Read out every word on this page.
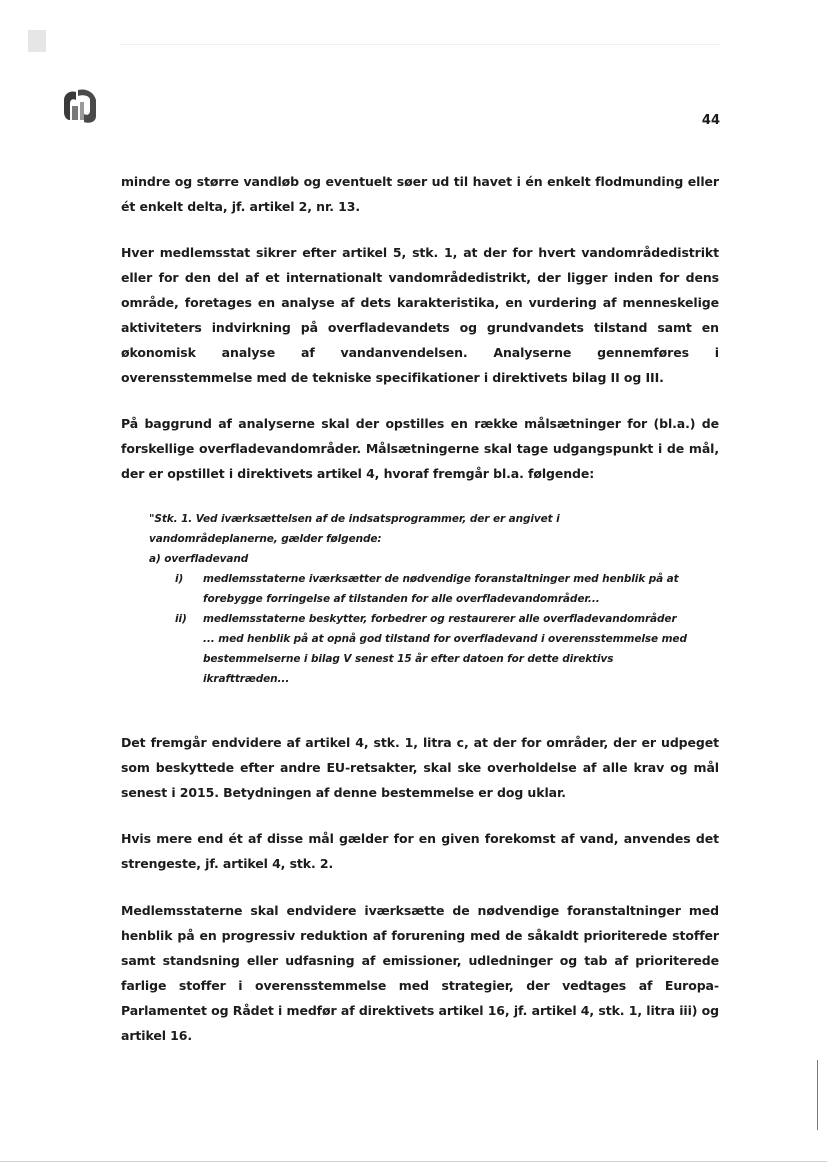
44

mindre og større vandløb og eventuelt søer ud til havet i én enkelt flodmunding eller ét enkelt delta, jf. artikel 2, nr. 13.

Hver medlemsstat sikrer efter artikel 5, stk. 1, at der for hvert vandområdedistrikt eller for den del af et internationalt vandområdedistrikt, der ligger inden for dens område, foretages en analyse af dets karakteristika, en vurdering af menneskelige aktiviteters indvirkning på overfladevandets og grundvandets tilstand samt en økonomisk analyse af vandanvendelsen. Analyserne gennemføres i overensstemmelse med de tekniske specifikationer i direktivets bilag II og III.

På baggrund af analyserne skal der opstilles en række målsætninger for (bl.a.) de forskellige overfladevandområder. Målsætningerne skal tage udgangspunkt i de mål, der er opstillet i direktivets artikel 4, hvoraf fremgår bl.a. følgende:

"Stk. 1. Ved iværksættelsen af de indsatsprogrammer, der er angivet i vandområdeplanerne, gælder følgende:
a) overfladevand
i)	medlemsstaterne iværksætter de nødvendige foranstaltninger med henblik på at forebygge forringelse af tilstanden for alle overfladevandområder...
ii)	medlemsstaterne beskytter, forbedrer og restaurerer alle overfladevandområder ... med henblik på at opnå god tilstand for overfladevand i overensstemmelse med bestemmelserne i bilag V senest 15 år efter datoen for dette direktivs ikrafttræden...

Det fremgår endvidere af artikel 4, stk. 1, litra c, at der for områder, der er udpeget som beskyttede efter andre EU-retsakter, skal ske overholdelse af alle krav og mål senest i 2015. Betydningen af denne bestemmelse er dog uklar.

Hvis mere end ét af disse mål gælder for en given forekomst af vand, anvendes det strengeste, jf. artikel 4, stk. 2.

Medlemsstaterne skal endvidere iværksætte de nødvendige foranstaltninger med henblik på en progressiv reduktion af forurening med de såkaldt prioriterede stoffer samt standsning eller udfasning af emissioner, udledninger og tab af prioriterede farlige stoffer i overensstemmelse med strategier, der vedtages af Europa-Parlamentet og Rådet i medfør af direktivets artikel 16, jf. artikel 4, stk. 1, litra iii) og artikel 16.
